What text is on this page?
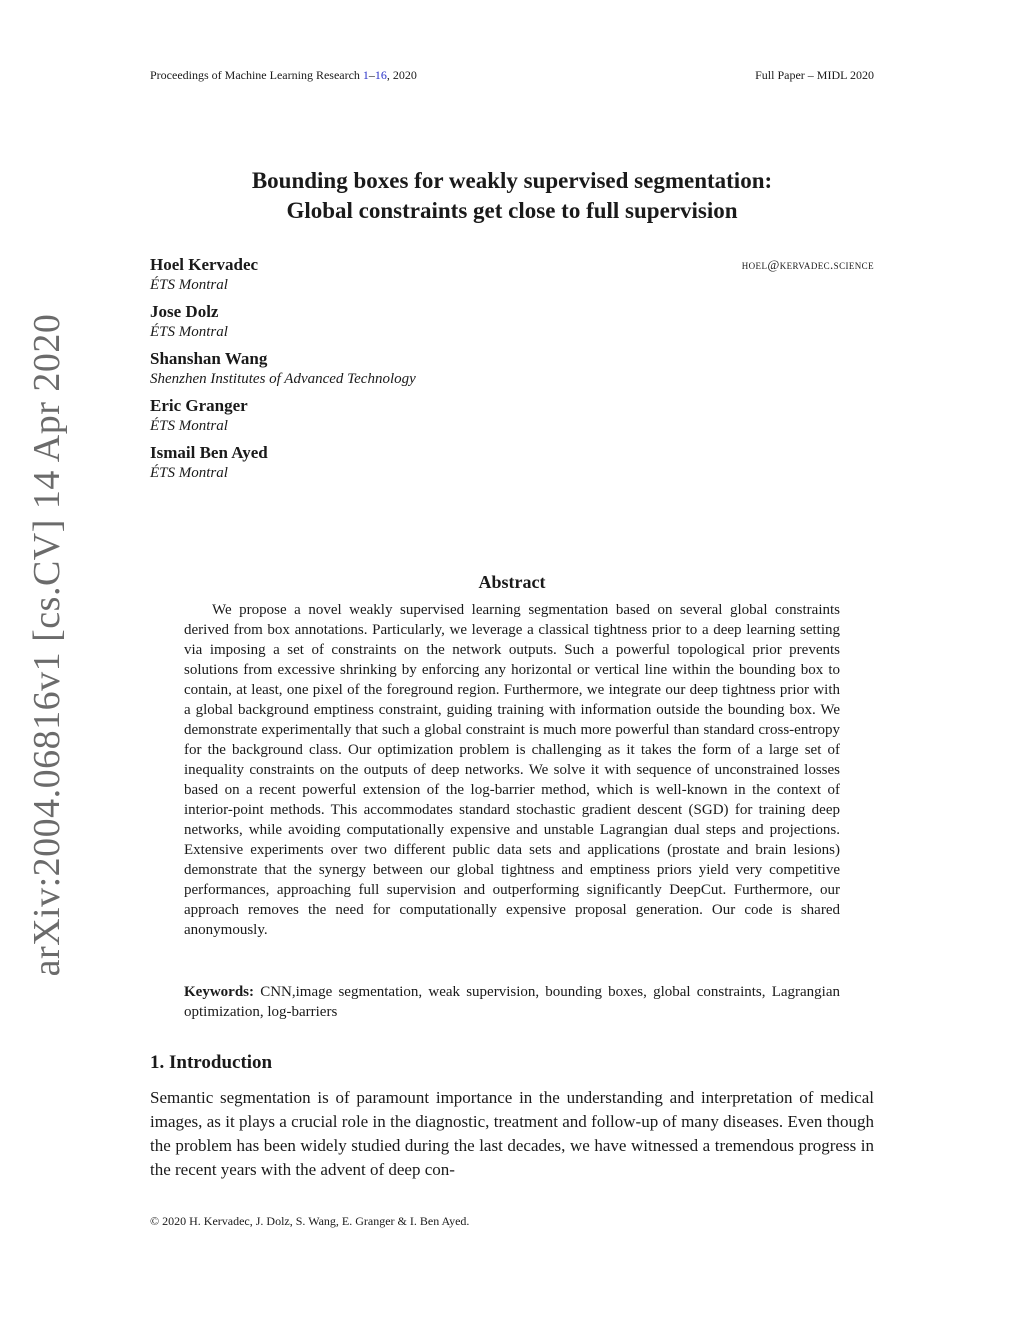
Proceedings of Machine Learning Research 1–16, 2020	Full Paper – MIDL 2020
arXiv:2004.06816v1 [cs.CV] 14 Apr 2020
Bounding boxes for weakly supervised segmentation:
Global constraints get close to full supervision
Hoel Kervadec
ÉTS Montral
hoel@kervadec.science
Jose Dolz
ÉTS Montral
Shanshan Wang
Shenzhen Institutes of Advanced Technology
Eric Granger
ÉTS Montral
Ismail Ben Ayed
ÉTS Montral
Abstract
We propose a novel weakly supervised learning segmentation based on several global constraints derived from box annotations. Particularly, we leverage a classical tightness prior to a deep learning setting via imposing a set of constraints on the network outputs. Such a powerful topological prior prevents solutions from excessive shrinking by enforcing any horizontal or vertical line within the bounding box to contain, at least, one pixel of the foreground region. Furthermore, we integrate our deep tightness prior with a global background emptiness constraint, guiding training with information outside the bounding box. We demonstrate experimentally that such a global constraint is much more powerful than standard cross-entropy for the background class. Our optimization problem is challenging as it takes the form of a large set of inequality constraints on the outputs of deep networks. We solve it with sequence of unconstrained losses based on a recent powerful extension of the log-barrier method, which is well-known in the context of interior-point methods. This accommodates standard stochastic gradient descent (SGD) for training deep networks, while avoiding computationally expensive and unstable Lagrangian dual steps and projections. Extensive experiments over two different public data sets and applications (prostate and brain lesions) demonstrate that the synergy between our global tightness and emptiness priors yield very competitive performances, approaching full supervision and outperforming significantly DeepCut. Furthermore, our approach removes the need for computationally expensive proposal generation. Our code is shared anonymously.
Keywords: CNN,image segmentation, weak supervision, bounding boxes, global constraints, Lagrangian optimization, log-barriers
1. Introduction
Semantic segmentation is of paramount importance in the understanding and interpretation of medical images, as it plays a crucial role in the diagnostic, treatment and follow-up of many diseases. Even though the problem has been widely studied during the last decades, we have witnessed a tremendous progress in the recent years with the advent of deep con-
© 2020 H. Kervadec, J. Dolz, S. Wang, E. Granger & I. Ben Ayed.
